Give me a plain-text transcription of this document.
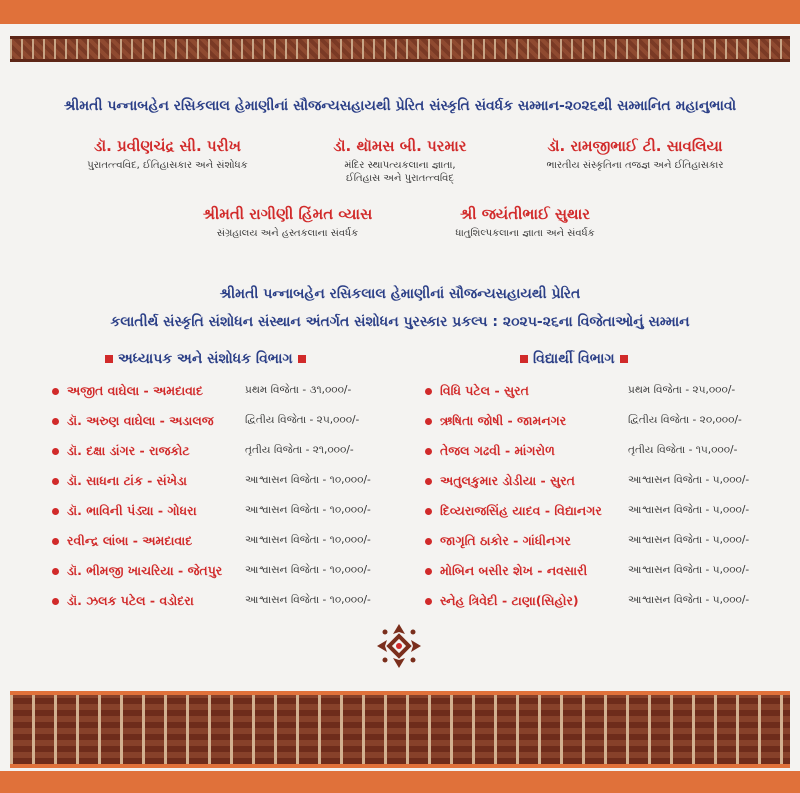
શ્રીમતી પન્નાબહેન રસિકલાલ હેમાણીનાં સૌજન્યસહાયથી પ્રેરિત સંસ્કૃતિ સંવર્ધક સમ્માન-૨૦૨૬થી સમ્માનિત મહાનુભાવો
ડૉ. પ્રવીણચંદ્ર સી. પરીખ
પુરાતત્ત્વવિદ, ઈતિહાસકાર અને સંશોધક
ડૉ. થૉમસ બી. પરમાર
મંદિર સ્થાપત્યકલાના જ્ઞાતા,
ઈતિહાસ અને પુરાતત્ત્વવિદ્
ડૉ. રામજીભાઈ ટી. સાવલિયા
ભારતીય સંસ્કૃતિના તજજ્ઞ અને ઈતિહાસકાર
શ્રીમતી રાગીણી હિંમત વ્યાસ
સંગ્રહાલય અને હસ્તકલાના સંવર્ધક
શ્રી જયંતીભાઈ સુથાર
ધાતુશિલ્પકલાના જ્ઞાતા અને સંવર્ધક
શ્રીમતી પન્નાબહેન રસિકલાલ હેમાણીનાં સૌજન્યસહાયથી પ્રેરિત
કલાતીર્થ સંસ્કૃતિ સંશોધન સંસ્થાન અંતર્ગત સંશોધન પુરસ્કાર પ્રકલ્પ : ૨૦૨૫-૨૬ના વિજેતાઓનું સમ્માન
અધ્યાપક અને સંશોધક વિભાગ	વિદ્યાર્થી વિભાગ
અજીત વાઘેલા - અમદાવાદ	પ્રથમ વિજેતા - ૩૧,૦૦૦/-
ડૉ. અરુણ વાઘેલા - અડાલજ	દ્વિતીય વિજેતા - ૨૫,૦૦૦/-
ડૉ. દક્ષા ડાંગર - રાજકોટ	તૃતીય વિજેતા - ૨૧,૦૦૦/-
ડૉ. સાધના ટાંક - સંખેડા	આશ્વાસન વિજેતા - ૧૦,૦૦૦/-
ડૉ. ભાવિની પંડ્યા - ગોધરા	આશ્વાસન વિજેતા - ૧૦,૦૦૦/-
રવીન્દ્ર લાંબા - અમદાવાદ	આશ્વાસન વિજેતા - ૧૦,૦૦૦/-
ડૉ. ભીમજી ખાચરિયા - જેતપુર આશ્વાસન વિજેતા - ૧૦,૦૦૦/-
ડૉ. ઝલક પટેલ - વડોદરા	આશ્વાસન વિજેતા - ૧૦,૦૦૦/-
વિધિ પટેલ - સુરત	પ્રથમ વિજેતા - ૨૫,૦૦૦/-
ઋષિતા જોષી - જામનગર	દ્વિતીય વિજેતા - ૨૦,૦૦૦/-
તેજલ ગઢવી - માંગરોળ	તૃતીય વિજેતા - ૧૫,૦૦૦/-
અતુલકુમાર ડોડીયા - સુરત	આશ્વાસન વિજેતા - ૫,૦૦૦/-
દિવ્યરાજસિંહ યાદવ - વિદ્યાનગર આશ્વાસન વિજેતા - ૫,૦૦૦/-
જાગૃતિ ઠાકોર - ગાંધીનગર	આશ્વાસન વિજેતા - ૫,૦૦૦/-
મોબિન બસીર શેખ - નવસારી	આશ્વાસન વિજેતા - ૫,૦૦૦/-
સ્નેહ ત્રિવેદી - ટાણા(સિહોર)	આશ્વાસન વિજેતા - ૫,૦૦૦/-
